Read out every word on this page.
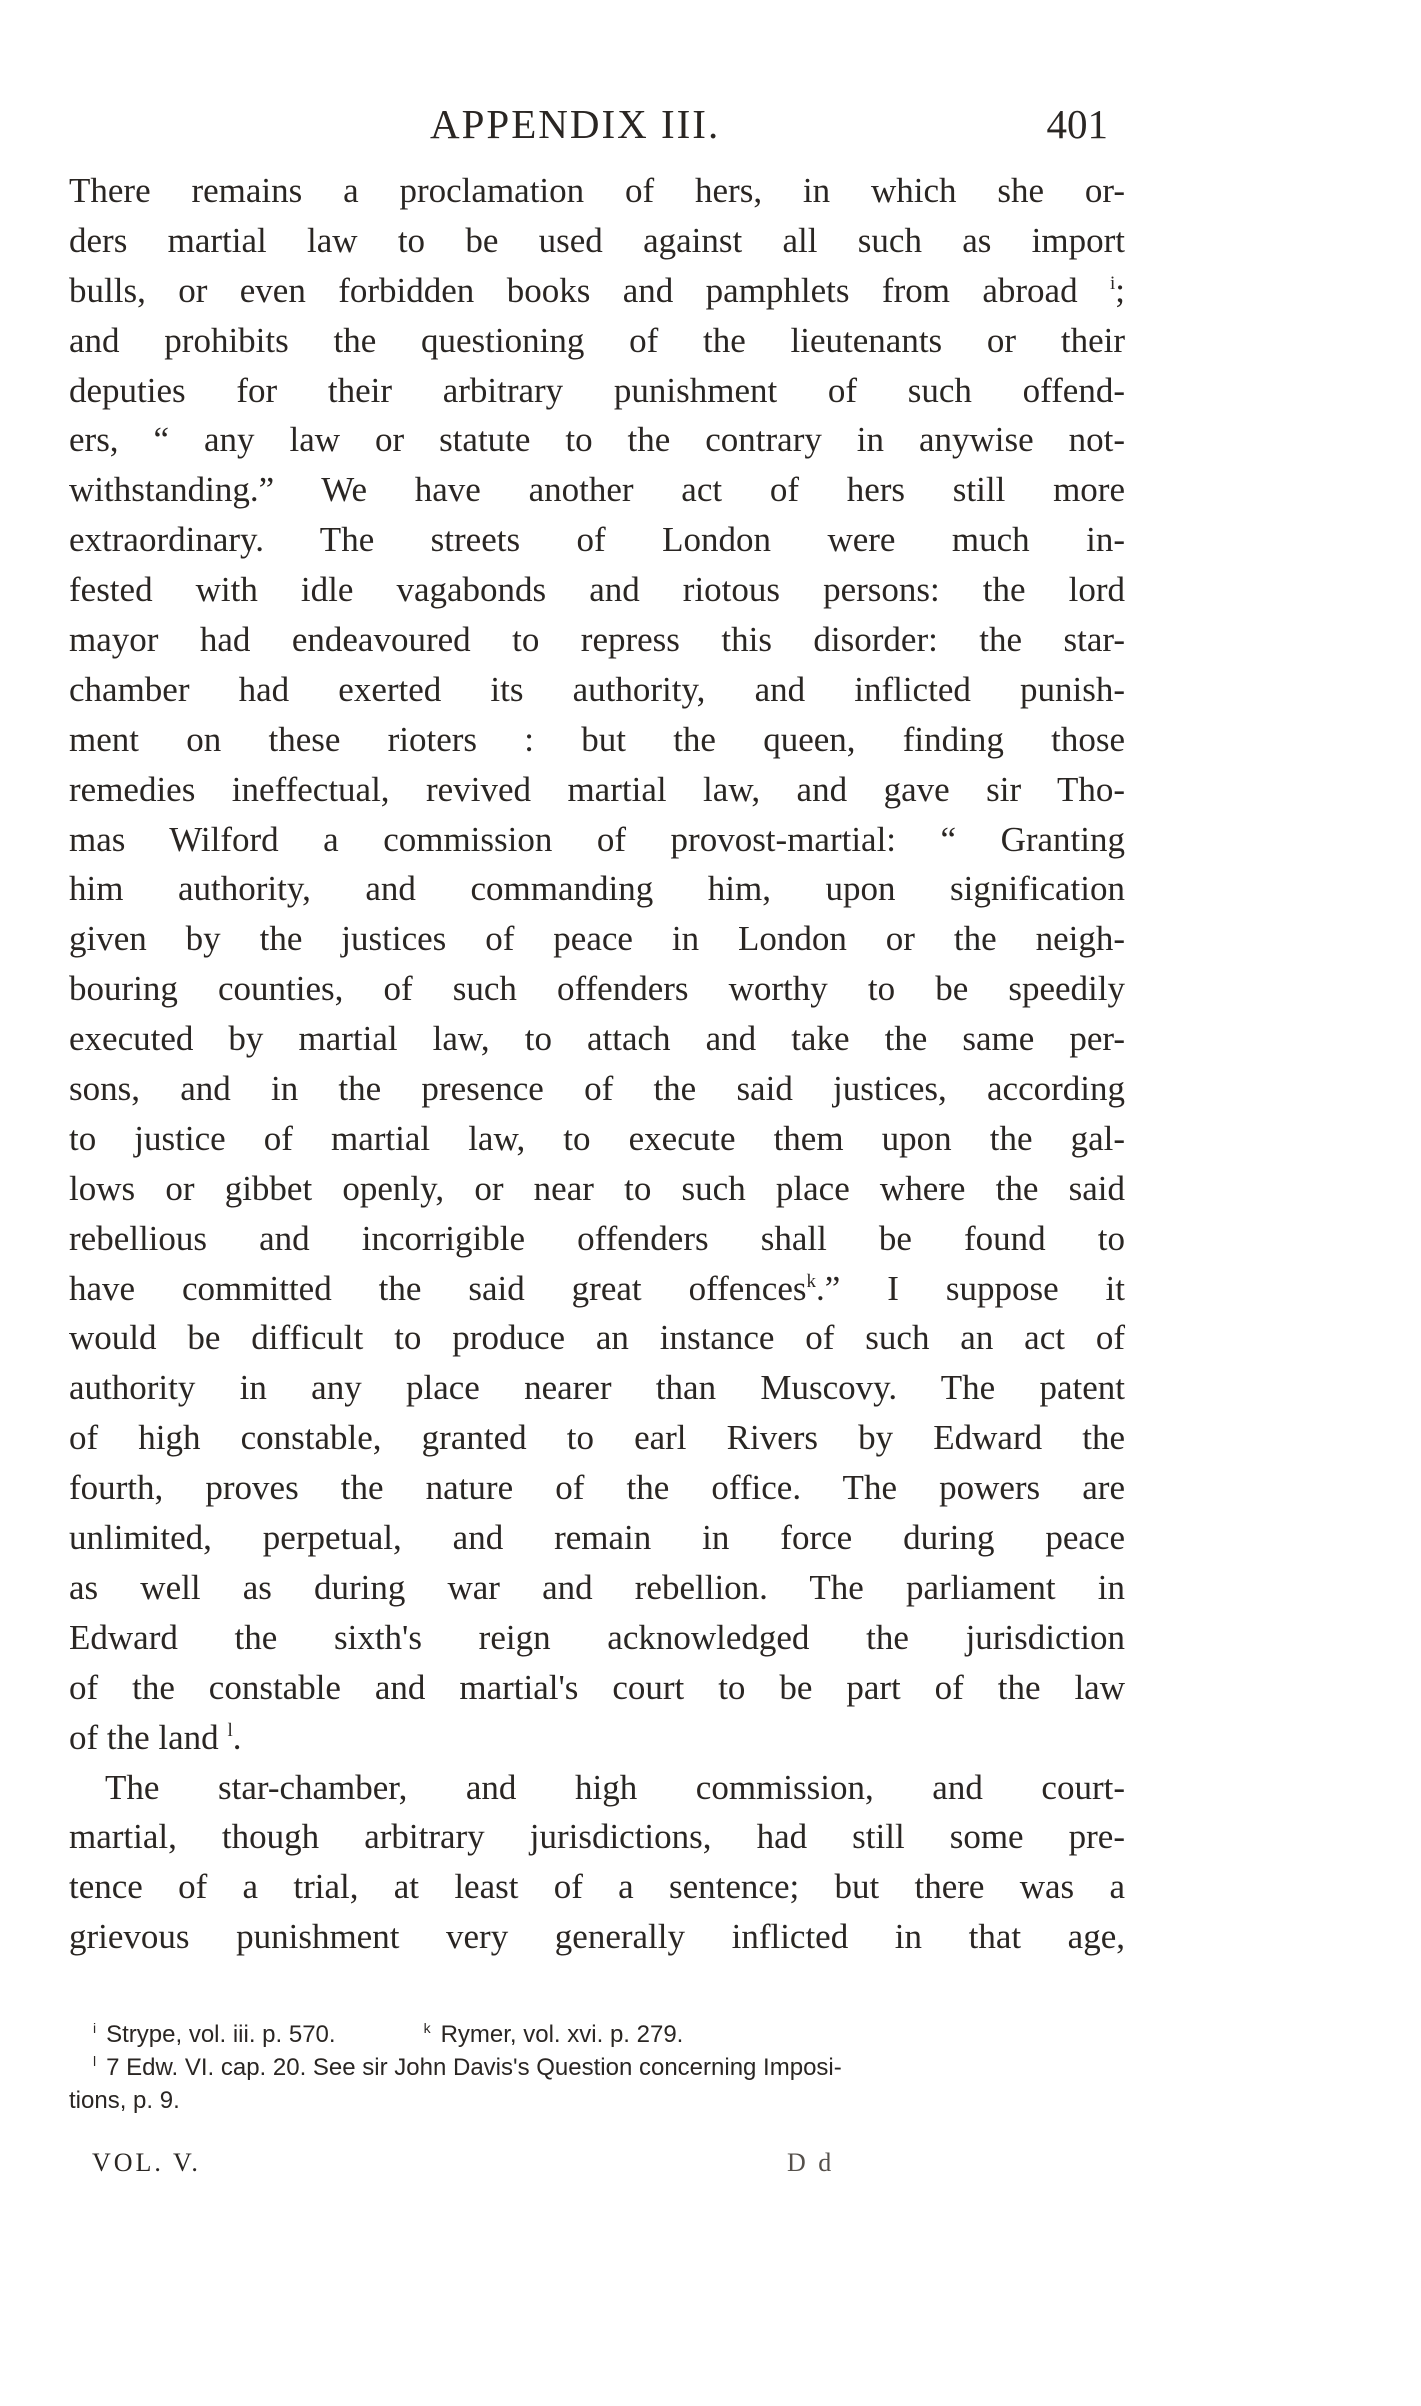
APPENDIX III.	401
There remains a proclamation of hers, in which she or-
ders martial law to be used against all such as import
bulls, or even forbidden books and pamphlets from abroad $^i$;
and prohibits the questioning of the lieutenants or their
deputies for their arbitrary punishment of such offend-
ers, “ any law or statute to the contrary in anywise not-
withstanding.” We have another act of hers still more
extraordinary. The streets of London were much in-
fested with idle vagabonds and riotous persons: the lord
mayor had endeavoured to repress this disorder: the star-
chamber had exerted its authority, and inflicted punish-
ment on these rioters : but the queen, finding those
remedies ineffectual, revived martial law, and gave sir Tho-
mas Wilford a commission of provost-martial: “ Granting
him authority, and commanding him, upon signification
given by the justices of peace in London or the neigh-
bouring counties, of such offenders worthy to be speedily
executed by martial law, to attach and take the same per-
sons, and in the presence of the said justices, according
to justice of martial law, to execute them upon the gal-
lows or gibbet openly, or near to such place where the said
rebellious and incorrigible offenders shall be found to
have committed the said great offences$^k$.” I suppose it
would be difficult to produce an instance of such an act of
authority in any place nearer than Muscovy. The patent
of high constable, granted to earl Rivers by Edward the
fourth, proves the nature of the office. The powers are
unlimited, perpetual, and remain in force during peace
as well as during war and rebellion. The parliament in
Edward the sixth's reign acknowledged the jurisdiction
of the constable and martial's court to be part of the law
of the land $^l$.
The star-chamber, and high commission, and court-
martial, though arbitrary jurisdictions, had still some pre-
tence of a trial, at least of a sentence; but there was a
grievous punishment very generally inflicted in that age,
$^i$ Strype, vol. iii. p. 570.	$^k$ Rymer, vol. xvi. p. 279.
$^l$ 7 Edw. VI. cap. 20. See sir John Davis's Question concerning Imposi-
tions, p. 9.
VOL. V.	D d
